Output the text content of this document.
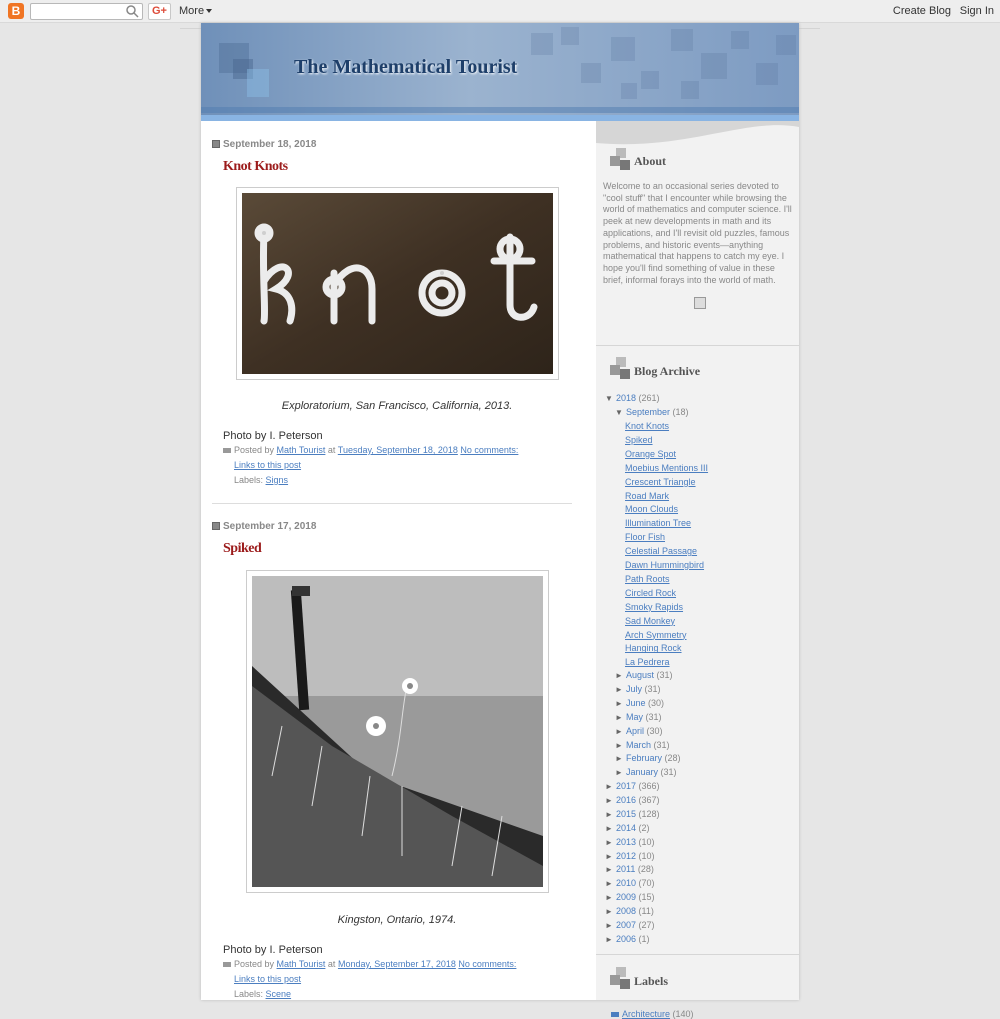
B	G+	More	Create Blog Sign In
The Mathematical Tourist
September 18, 2018
Knot Knots
Exploratorium, San Francisco, California, 2013.
Photo by I. Peterson
Posted by Math Tourist at Tuesday, September 18, 2018 No comments:
Links to this post
Labels: Signs
September 17, 2018
Spiked
Kingston, Ontario, 1974.
Photo by I. Peterson
Posted by Math Tourist at Monday, September 17, 2018 No comments:
Links to this post
Labels: Scene
About
Welcome to an occasional series devoted to "cool stuff" that I encounter while browsing the world of mathematics and computer science. I'll peek at new developments in math and its applications, and I'll revisit old puzzles, famous problems, and historic events—anything mathematical that happens to catch my eye. I hope you'll find something of value in these brief, informal forays into the world of math.
Blog Archive
▼ 2018 (261)
▼ September (18)
Knot Knots
Spiked
Orange Spot
Moebius Mentions III
Crescent Triangle
Road Mark
Moon Clouds
Illumination Tree
Floor Fish
Celestial Passage
Dawn Hummingbird
Path Roots
Circled Rock
Smoky Rapids
Sad Monkey
Arch Symmetry
Hanging Rock
La Pedrera
► August (31)
► July (31)
► June (30)
► May (31)
► April (30)
► March (31)
► February (28)
► January (31)
► 2017 (366)
► 2016 (367)
► 2015 (128)
► 2014 (2)
► 2013 (10)
► 2012 (10)
► 2011 (28)
► 2010 (70)
► 2009 (15)
► 2008 (11)
► 2007 (27)
► 2006 (1)
Labels
Architecture (140)
